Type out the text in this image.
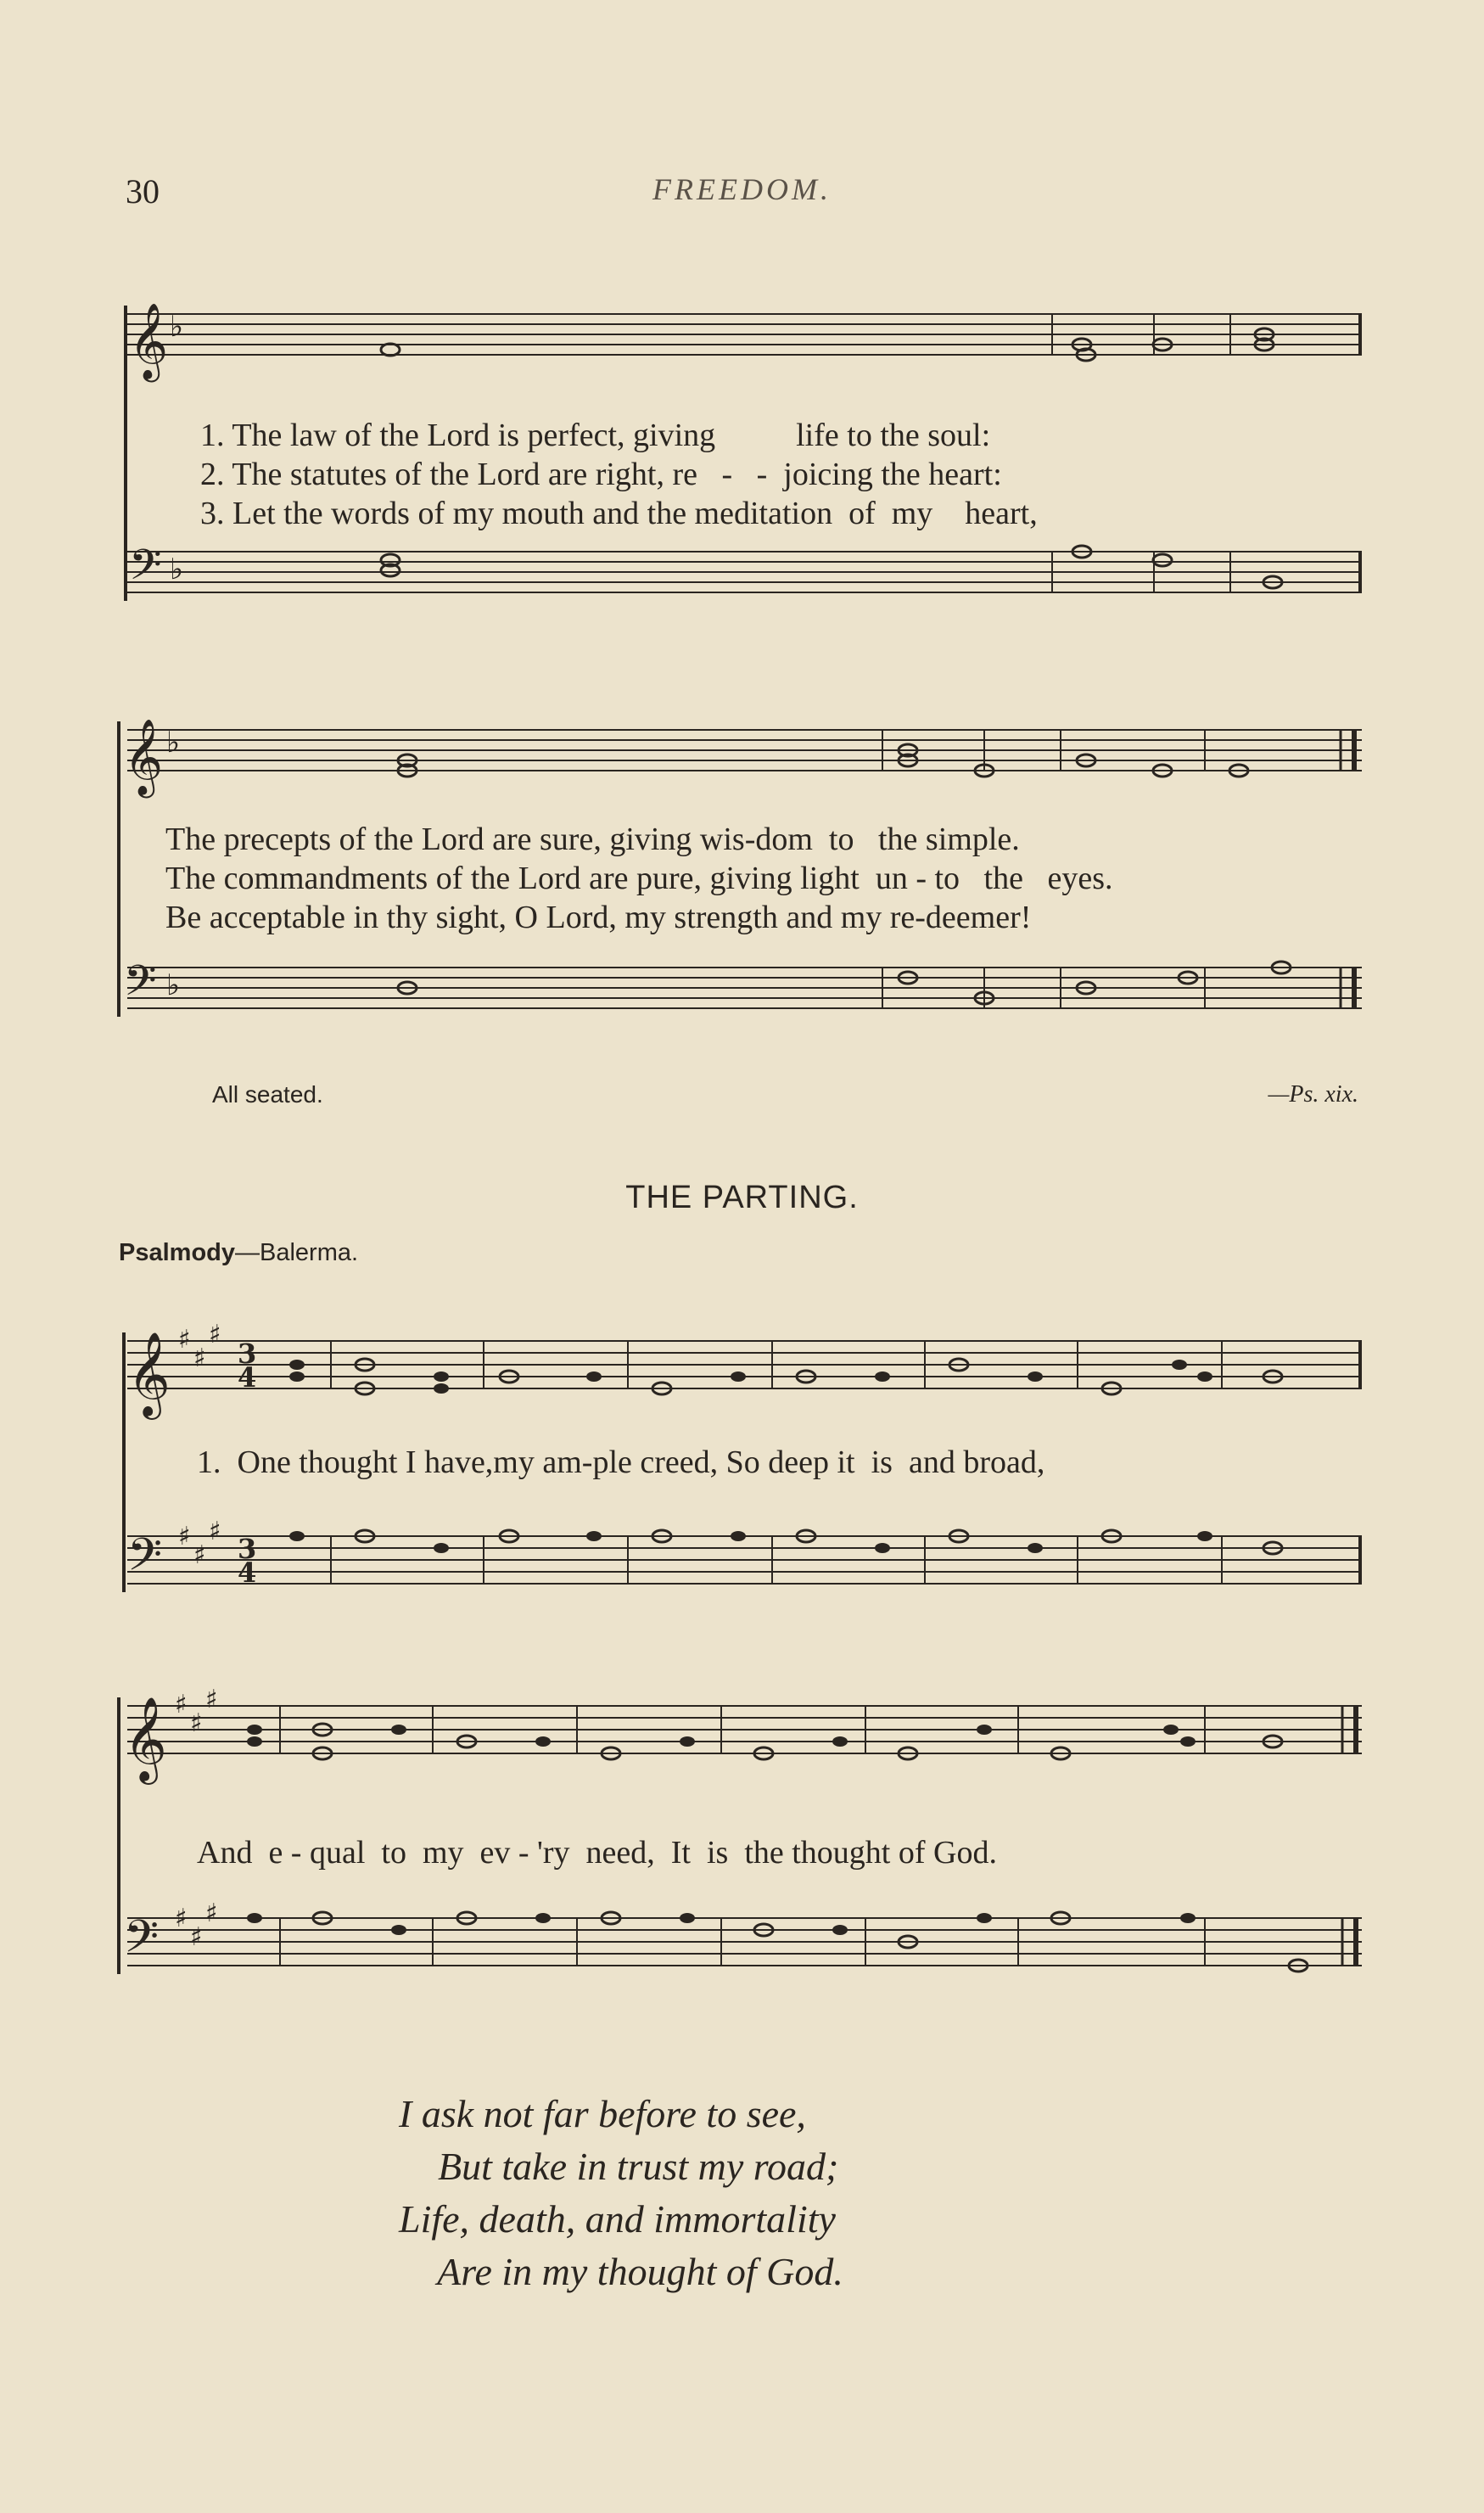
30	FREEDOM.
𝄞 ♭
𝄢 ♭
1. The law of the Lord is perfect, giving          life to the soul:
2. The statutes of the Lord are right, re   -   -  joicing the heart:
3. Let the words of my mouth and the meditation  of  my    heart,
𝄞 ♭
𝄢 ♭
The precepts of the Lord are sure, giving wis-dom  to   the simple.
The commandments of the Lord are pure, giving light  un - to   the   eyes.
Be acceptable in thy sight, O Lord, my strength and my re-deemer!
All seated.	—Ps. xix.
THE PARTING.
Psalmody—Balerma.
𝄞 ♯
♯
♯
3
4
𝄢 ♯
♯
♯
3
4
1.  One thought I have,my am-ple creed, So deep it  is  and broad,
𝄞 ♯
♯
♯
𝄢 ♯
♯
♯
And  e - qual  to  my  ev - 'ry  need,  It  is  the thought of God.
I ask not far before to see,
But take in trust my road;
Life, death, and immortality
Are in my thought of God.
